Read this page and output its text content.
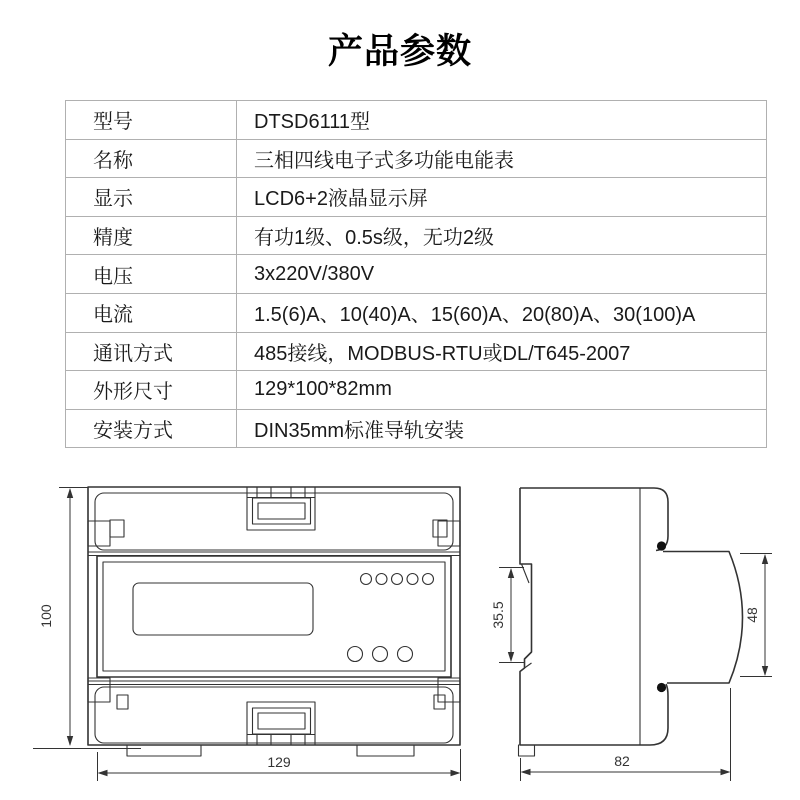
产品参数
型号	DTSD6111型
名称	三相四线电子式多功能电能表
显示	LCD6+2液晶显示屏
精度	有功1级、0.5s级，无功2级
电压	3x220V/380V
电流	1.5(6)A、10(40)A、15(60)A、20(80)A、30(100)A
通讯方式	485接线，MODBUS-RTU或DL/T645-2007
外形尺寸	129*100*82mm
安装方式	DIN35mm标准导轨安装
100
129
35.5	48
82
